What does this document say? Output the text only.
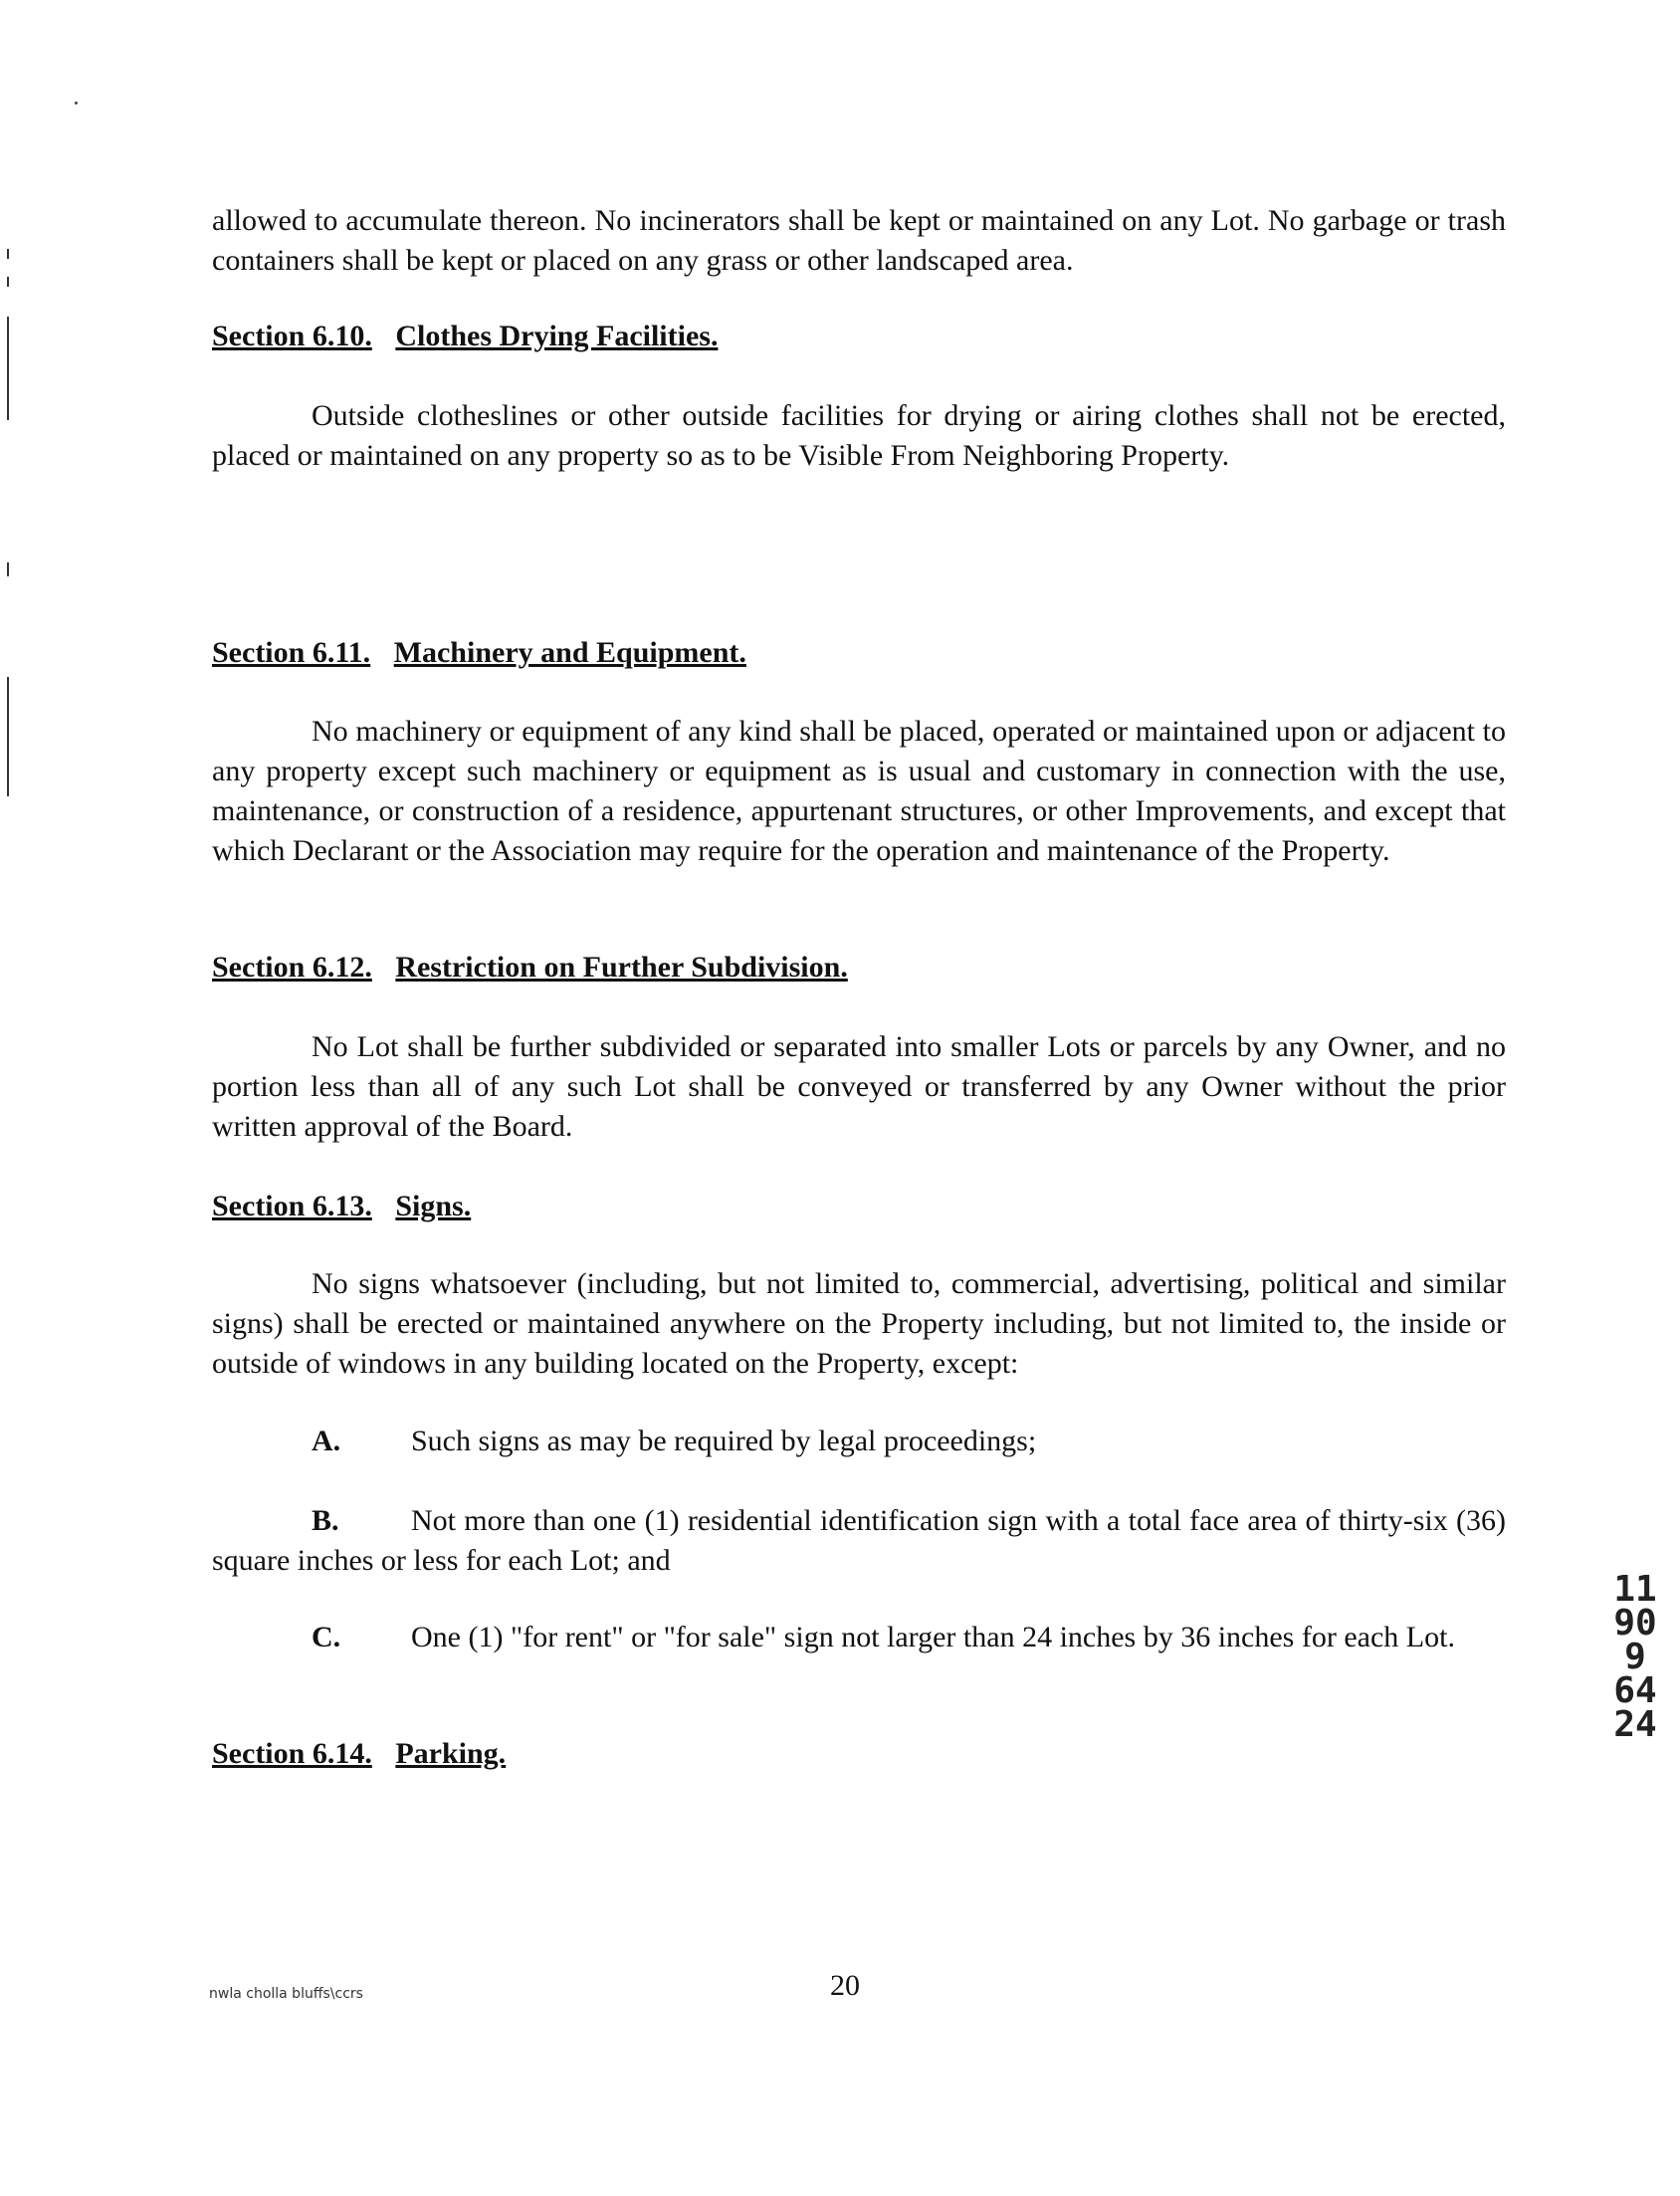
allowed to accumulate thereon. No incinerators shall be kept or maintained on any Lot. No garbage or trash containers shall be kept or placed on any grass or other landscaped area.

Section 6.10. Clothes Drying Facilities.

Outside clotheslines or other outside facilities for drying or airing clothes shall not be erected, placed or maintained on any property so as to be Visible From Neighboring Property.

Section 6.11. Machinery and Equipment.

No machinery or equipment of any kind shall be placed, operated or maintained upon or adjacent to any property except such machinery or equipment as is usual and customary in connection with the use, maintenance, or construction of a residence, appurtenant structures, or other Improvements, and except that which Declarant or the Association may require for the operation and maintenance of the Property.

Section 6.12. Restriction on Further Subdivision.

No Lot shall be further subdivided or separated into smaller Lots or parcels by any Owner, and no portion less than all of any such Lot shall be conveyed or transferred by any Owner without the prior written approval of the Board.

Section 6.13. Signs.

No signs whatsoever (including, but not limited to, commercial, advertising, political and similar signs) shall be erected or maintained anywhere on the Property including, but not limited to, the inside or outside of windows in any building located on the Property, except:

A. Such signs as may be required by legal proceedings;
B. Not more than one (1) residential identification sign with a total face area of thirty-six (36) square inches or less for each Lot; and
C. One (1) "for rent" or "for sale" sign not larger than 24 inches by 36 inches for each Lot.

Section 6.14. Parking.

11909 6424
nwla cholla bluffs\ccrs	20
